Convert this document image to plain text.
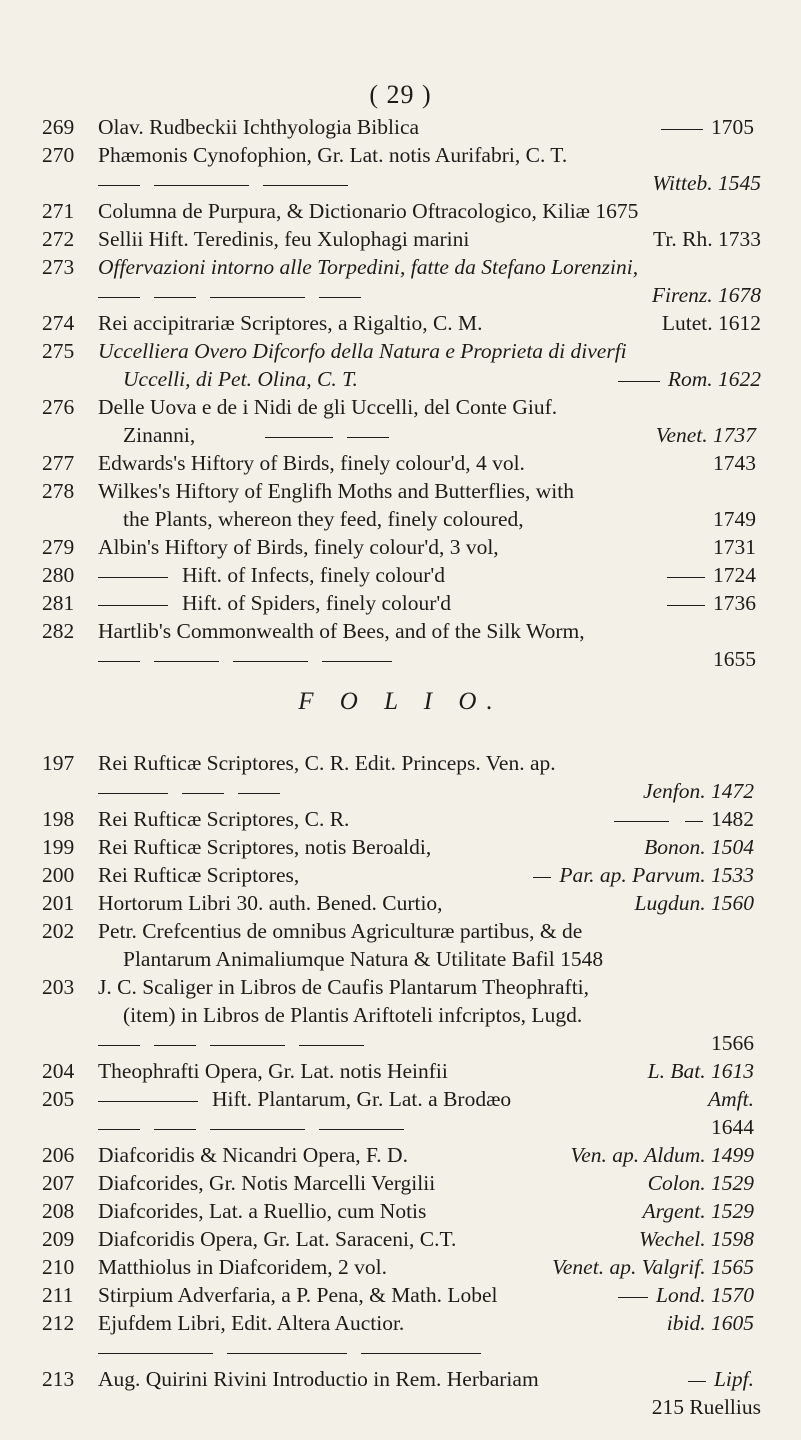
( 29 )
269 Olav. Rudbeckii Ichthyologia Biblica	1705
270 Phæmonis Cynofophion, Gr. Lat. notis Aurifabri, C. T.
Witteb. 1545
271 Columna de Purpura, & Dictionario Oftracologico, Kiliæ 1675
272 Sellii Hift. Teredinis, feu Xulophagi marini	Tr. Rh. 1733
273 Offervazioni intorno alle Torpedini, fatte da Stefano Lorenzini,
Firenz. 1678
274 Rei accipitrariæ Scriptores, a Rigaltio, C. M.	Lutet. 1612
275 Uccelliera Overo Difcorfo della Natura e Proprieta di diverfi
Uccelli, di Pet. Olina, C. T.	Rom. 1622
276 Delle Uova e de i Nidi de gli Uccelli, del Conte Giuf.
Zinanni,	Venet. 1737
277 Edwards's Hiftory of Birds, finely colour'd, 4 vol.	1743
278 Wilkes's Hiftory of Englifh Moths and Butterflies, with
the Plants, whereon they feed, finely coloured,	1749
279 Albin's Hiftory of Birds, finely colour'd, 3 vol,	1731
280	Hift. of Infects, finely colour'd	1724
281	Hift. of Spiders, finely colour'd	1736
282 Hartlib's Commonwealth of Bees, and of the Silk Worm,
1655
F O L I O.
197 Rei Rufticæ Scriptores, C. R. Edit. Princeps. Ven. ap.
Jenfon. 1472
198 Rei Rufticæ Scriptores, C. R.	1482
199 Rei Rufticæ Scriptores, notis Beroaldi,	Bonon. 1504
200 Rei Rufticæ Scriptores,	Par. ap. Parvum. 1533
201 Hortorum Libri 30. auth. Bened. Curtio,	Lugdun. 1560
202 Petr. Crefcentius de omnibus Agriculturæ partibus, & de
Plantarum Animaliumque Natura & Utilitate Bafil 1548
203 J. C. Scaliger in Libros de Caufis Plantarum Theophrafti,
(item) in Libros de Plantis Ariftoteli infcriptos, Lugd.
1566
204 Theophrafti Opera, Gr. Lat. notis Heinfii	L. Bat. 1613
205	Hift. Plantarum, Gr. Lat. a Brodæo	Amft.
1644
206 Diafcoridis & Nicandri Opera, F. D.	Ven. ap. Aldum. 1499
207 Diafcorides, Gr. Notis Marcelli Vergilii	Colon. 1529
208 Diafcorides, Lat. a Ruellio, cum Notis	Argent. 1529
209 Diafcoridis Opera, Gr. Lat. Saraceni, C.T.	Wechel. 1598
210 Matthiolus in Diafcoridem, 2 vol.	Venet. ap. Valgrif. 1565
211 Stirpium Adverfaria, a P. Pena, & Math. Lobel	Lond. 1570
212 Ejufdem Libri, Edit. Altera Auctior.	ibid. 1605
213 Aug. Quirini Rivini Introductio in Rem. Herbariam	Lipf.
215 Ruellius
